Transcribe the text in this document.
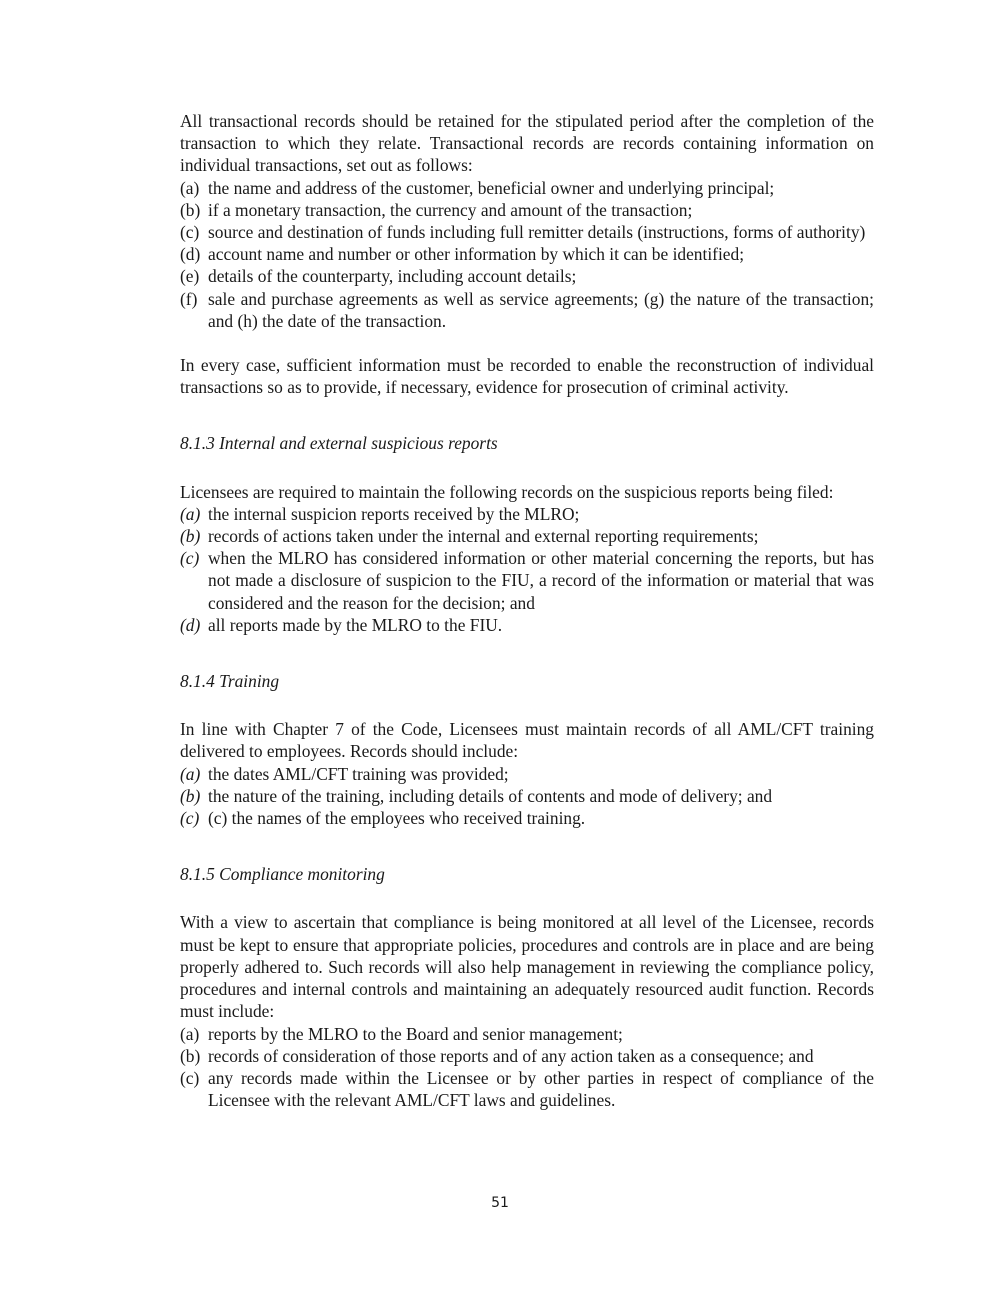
All transactional records should be retained for the stipulated period after the completion of the transaction to which they relate. Transactional records are records containing information on individual transactions, set out as follows:

(a) the name and address of the customer, beneficial owner and underlying principal;
(b) if a monetary transaction, the currency and amount of the transaction;
(c) source and destination of funds including full remitter details (instructions, forms of authority)
(d) account name and number or other information by which it can be identified;
(e) details of the counterparty, including account details;
(f) sale and purchase agreements as well as service agreements; (g) the nature of the transaction; and (h) the date of the transaction.

In every case, sufficient information must be recorded to enable the reconstruction of individual transactions so as to provide, if necessary, evidence for prosecution of criminal activity.

8.1.3 Internal and external suspicious reports

Licensees are required to maintain the following records on the suspicious reports being filed:

(a) the internal suspicion reports received by the MLRO;
(b) records of actions taken under the internal and external reporting requirements;
(c) when the MLRO has considered information or other material concerning the reports, but has not made a disclosure of suspicion to the FIU, a record of the information or material that was considered and the reason for the decision; and
(d) all reports made by the MLRO to the FIU.
8.1.4 Training

In line with Chapter 7 of the Code, Licensees must maintain records of all AML/CFT training delivered to employees. Records should include:

(a) the dates AML/CFT training was provided;
(b) the nature of the training, including details of contents and mode of delivery; and
(c) (c) the names of the employees who received training.
8.1.5 Compliance monitoring

With a view to ascertain that compliance is being monitored at all level of the Licensee, records must be kept to ensure that appropriate policies, procedures and controls are in place and are being properly adhered to. Such records will also help management in reviewing the compliance policy, procedures and internal controls and maintaining an adequately resourced audit function. Records must include:

(a) reports by the MLRO to the Board and senior management;
(b) records of consideration of those reports and of any action taken as a consequence; and
(c) any records made within the Licensee or by other parties in respect of compliance of the Licensee with the relevant AML/CFT laws and guidelines.
51
